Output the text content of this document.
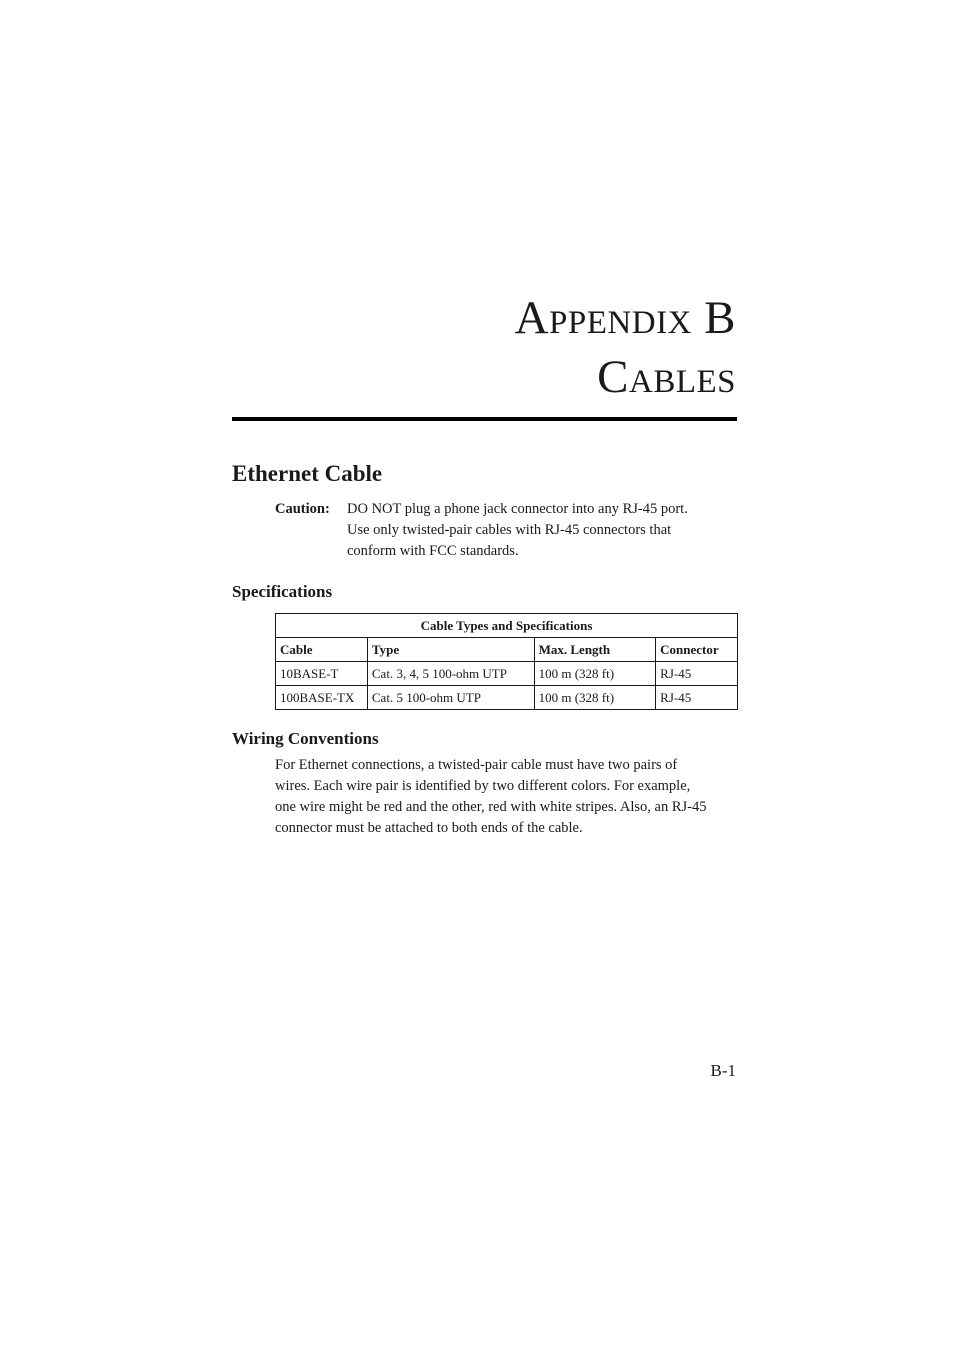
Appendix B
Cables
Ethernet Cable
Caution: DO NOT plug a phone jack connector into any RJ-45 port.
Use only twisted-pair cables with RJ-45 connectors that
conform with FCC standards.
Specifications
Cable Types and Specifications			
Cable	Type	Max. Length	Connector
10BASE-T	Cat. 3, 4, 5 100-ohm UTP	100 m (328 ft)	RJ-45
100BASE-TX	Cat. 5 100-ohm UTP	100 m (328 ft)	RJ-45
Wiring Conventions
For Ethernet connections, a twisted-pair cable must have two pairs of
wires. Each wire pair is identified by two different colors. For example,
one wire might be red and the other, red with white stripes. Also, an RJ-45
connector must be attached to both ends of the cable.
B-1
